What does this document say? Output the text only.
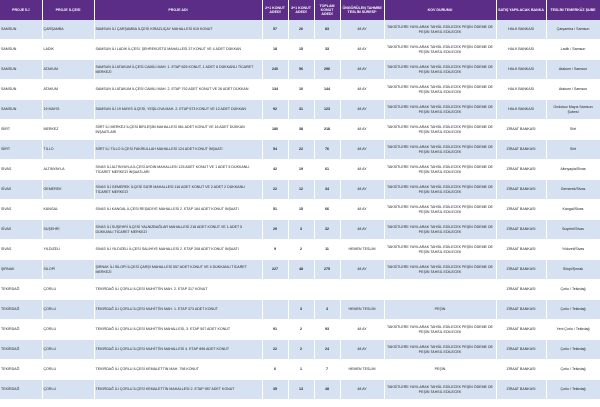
PROJE İLİ	PROJE İLÇESİ	PROJE ADI	2+1 KONUT ADEDİ	3+1 KONUT ADEDİ	TOPLAM KONUT ADEDİ	ÖNGÖRÜLEN TAHMİNİ TESLİM SÜRESİ*	KOV DURUMU	SATIŞ YAPILACAK BANKA	TESLİM TEMERKÜZ ŞUBE
SAMSUN	ÇARŞAMBA	SAMSUN İLİ ÇARŞAMBA İLÇESİ KIRAZLIÇAY MAHALLESİ 615 KONUT	57	26	83	48 AY	TAKSİTLERE YAYILARAK TAHSİL EDİLECEK PEŞİN ÖDEME DE PEŞİN TAHSİL EDİLECEK	HALK BANKASI	Çarşamba / Samsun
SAMSUN	LADİK	SAMSUN İLİ LADİK İLÇESİ, ŞEHREKÜSTÜ MAHALLESİ 37 KONUT VE 4 ADET DÜKKAN	18	15	33	48 AY	TAKSİTLERE YAYILARAK TAHSİL EDİLECEK PEŞİN ÖDEME DE PEŞİN TAHSİL EDİLECEK	HALK BANKASI	Ladik / Samsun
SAMSUN	ATAKUM	SAMSUN İLİ ATAKUM İLÇESİ CAMİLİ MAH. 1. ETAP 825 KONUT, 1 ADET 6 DÜKKANLI TİCARET MERKEZİ	240	56	296	48 AY	TAKSİTLERE YAYILARAK TAHSİL EDİLECEK PEŞİN ÖDEME DE PEŞİN TAHSİL EDİLECEK	HALK BANKASI	Atakum / Samsun
SAMSUN	ATAKUM	SAMSUN İLİ ATAKUM İLÇESİ CAMİLİ MAH. 2. ETAP 792 ADET KONUT VE 26 ADET DÜKKAN	134	10	144	48 AY	TAKSİTLERE YAYILARAK TAHSİL EDİLECEK PEŞİN ÖDEME DE PEŞİN TAHSİL EDİLECEK	HALK BANKASI	Atakum / Samsun
SAMSUN	19 MAYIS	SAMSUN İLİ 19 MAYIS İLÇESİ, YEŞİLOVA MAH. 2. ETAP 573 KONUT VE 12 ADET DÜKKAN	92	31	123	48 AY	TAKSİTLERE YAYILARAK TAHSİL EDİLECEK PEŞİN ÖDEME DE PEŞİN TAHSİL EDİLECEK	HALK BANKASI	Ondokuz Mayıs Samsun Şubesi
SİİRT	MERKEZ	SİİRT İLİ MERKEZ İLÇESİ BİRLEŞİM MAHALLESİ 561 ADET KONUT VE 16 ADET DÜKKAN İNŞAATLARI	180	38	218	48 AY	TAKSİTLERE YAYILARAK TAHSİL EDİLECEK PEŞİN ÖDEME DE PEŞİN TAHSİL EDİLECEK	ZİRAAT BANKASI	Siirt
SİİRT	TİLLO	SİİRT İLİ TİLLO İLÇESİ FAKİRULLAH MAHALLESİ 124 ADET KONUT İNŞAATI	54	22	76	48 AY	TAKSİTLERE YAYILARAK TAHSİL EDİLECEK PEŞİN ÖDEME DE PEŞİN TAHSİL EDİLECEK	ZİRAAT BANKASI	Siirt
SİVAS	ALTINYAYLA	SİVAS İLİ ALTINYAYLA İLÇESİ AYDIN MAHALLESİ 125 ADET KONUT VE 1 ADET 5 DÜKKANLI TİCARET MERKEZİ İNŞAATLARI	42	19	61	48 AY	TAKSİTLERE YAYILARAK TAHSİL EDİLECEK PEŞİN ÖDEME DE PEŞİN TAHSİL EDİLECEK	ZİRAAT BANKASI	Altınyayla/Sivas
SİVAS	GEMEREK	SİVAS İLİ GEMEREK İLÇESİ SIZIR MAHALLESİ 116 ADET KONUT VE 2 ADET 2 DÜKKANLI TİCARET MERKEZİ	22	12	34	48 AY	TAKSİTLERE YAYILARAK TAHSİL EDİLECEK PEŞİN ÖDEME DE PEŞİN TAHSİL EDİLECEK	ZİRAAT BANKASI	Gemerek/Sivas
SİVAS	KANGAL	SİVAS İLİ KANGAL İLÇESİ REŞADİYE MAHALLESİ 2. ETAP 184 ADET KONUT İNŞAATI	51	15	66	48 AY	TAKSİTLERE YAYILARAK TAHSİL EDİLECEK PEŞİN ÖDEME DE PEŞİN TAHSİL EDİLECEK	ZİRAAT BANKASI	Kangal/Sivas
SİVAS	SUŞEHRİ	SİVAS İLİ SUŞEHRİ İLÇESİ YALNIZBAĞLAR MAHALLESİ 218 ADET KONUT VE 1 ADET 5 DÜKKANLI TİCARET MERKEZİ	29	3	32	48 AY	TAKSİTLERE YAYILARAK TAHSİL EDİLECEK PEŞİN ÖDEME DE PEŞİN TAHSİL EDİLECEK	ZİRAAT BANKASI	Suşehri/Sivas
SİVAS	YILDIZELİ	SİVAS İLİ YILDIZELİ İLÇESİ SALİHİYE MAHALLESİ 2. ETAP 208 ADET KONUT İNŞAATI	9	2	11	HEMEN TESLİM	TAKSİTLERE YAYILARAK TAHSİL EDİLECEK PEŞİN ÖDEME DE PEŞİN TAHSİL EDİLECEK	ZİRAAT BANKASI	Yıldızeli/Sivas
ŞIRNAK	SİLOPİ	ŞIRNAK İLİ SİLOPİ İLÇESİ ÇARŞI MAHALLESİ 557 ADET KONUT VE 4 DÜKKANLI TİCARET MERKEZİ	227	48	275	48 AY	TAKSİTLERE YAYILARAK TAHSİL EDİLECEK PEŞİN ÖDEME DE PEŞİN TAHSİL EDİLECEK	ZİRAAT BANKASI	Silopi/Şırnak
TEKİRDAĞ	ÇORLU	TEKİRDAĞ İLİ ÇORLU İLÇESİ MUHİTTİN MAH. 2. ETAP 317 KONUT						ZİRAAT BANKASI	Çorlu / Tekirdağ
TEKİRDAĞ	ÇORLU	TEKİRDAĞ İLİ ÇORLU İLÇESİ MUHİTTİN MAH. 1. ETAP 373 ADET KONUT		3	3	HEMEN TESLİM	PEŞİN	ZİRAAT BANKASI	Çorlu / Tekirdağ
TEKİRDAĞ	ÇORLU	TEKİRDAĞ İLİ ÇORLU İLÇESİ MUHİTTİN MAHALLESİ, 3. ETAP 507 ADET KONUT	91	2	93	48 AY	TAKSİTLERE YAYILARAK TAHSİL EDİLECEK PEŞİN ÖDEME DE PEŞİN TAHSİL EDİLECEK	ZİRAAT BANKASI	Yeni Çorlu / Tekirdağ
TEKİRDAĞ	ÇORLU	TEKİRDAĞ İLİ ÇORLU İLÇESİ MUHİTTİN MAHALLESİ 4. ETAP 896 ADET KONUT	22	2	24	48 AY	TAKSİTLERE YAYILARAK TAHSİL EDİLECEK PEŞİN ÖDEME DE PEŞİN TAHSİL EDİLECEK	ZİRAAT BANKASI	Çorlu / Tekirdağ
TEKİRDAĞ	ÇORLU	TEKİRDAĞ İLİ ÇORLU İLÇESİ KEMALETTİN MAH. 798 KONUT	6	1	7	HEMEN TESLİM	PEŞİN	ZİRAAT BANKASI	Çorlu / Tekirdağ
TEKİRDAĞ	ÇORLU	TEKİRDAĞ İLİ ÇORLU İLÇESİ KEMALETTİN MAHALLESİ 2. ETAP 987 ADET KONUT	35	13	48	48 AY	TAKSİTLERE YAYILARAK TAHSİL EDİLECEK PEŞİN ÖDEME DE PEŞİN TAHSİL EDİLECEK	ZİRAAT BANKASI	Çorlu / Tekirdağ
